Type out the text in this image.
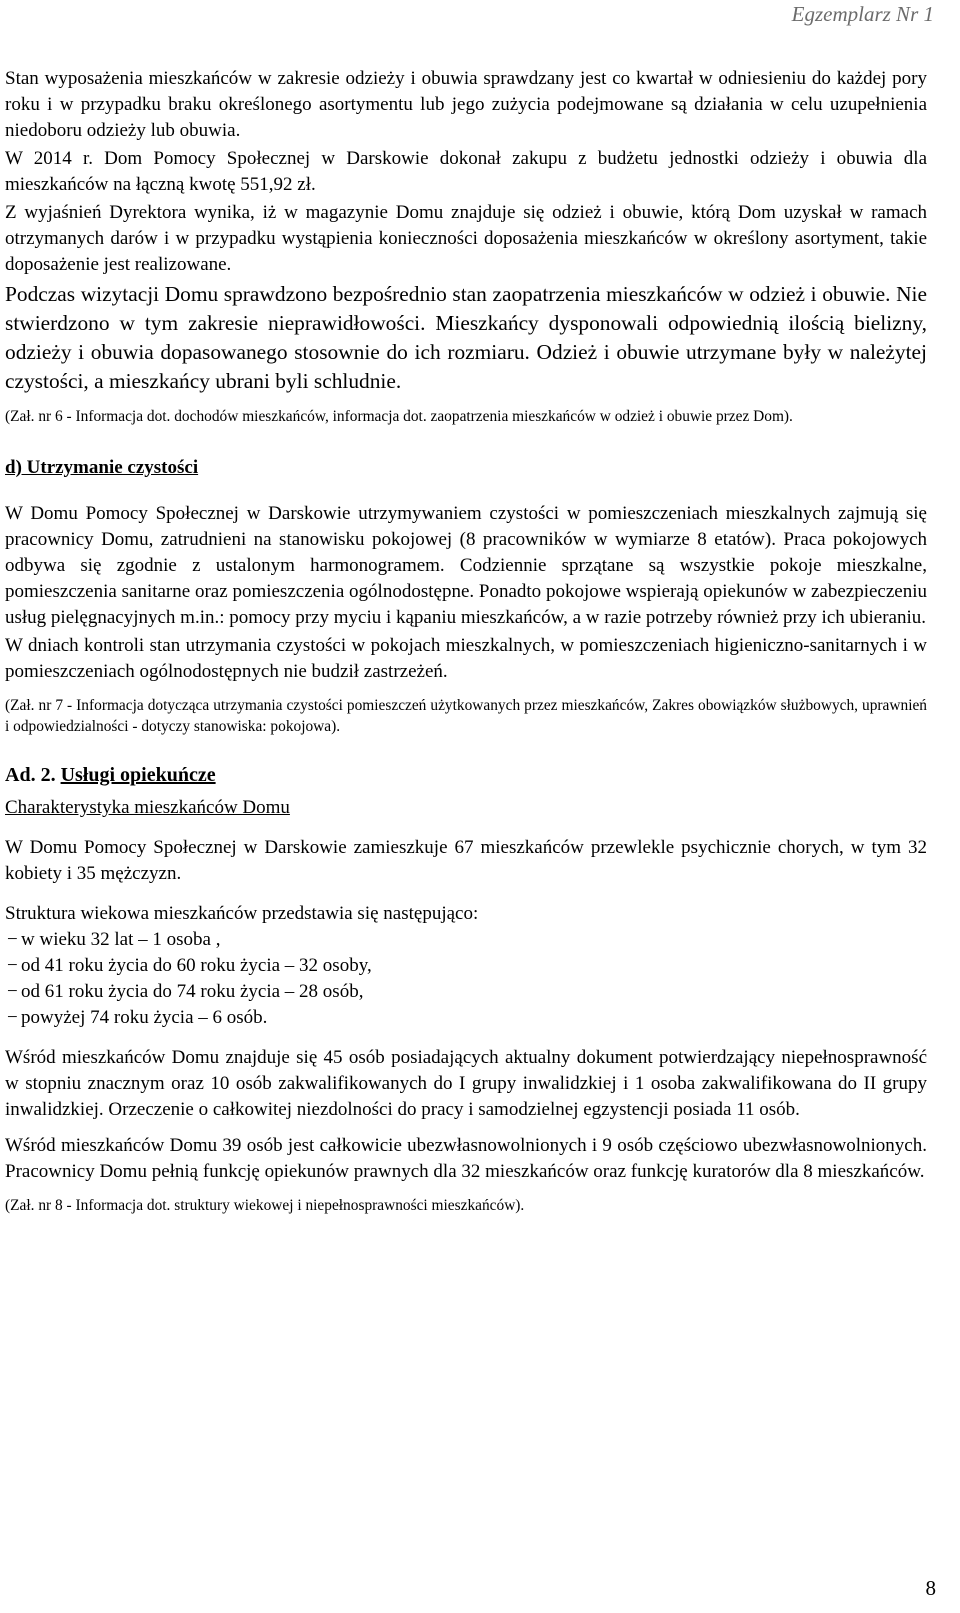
Egzemplarz Nr 1

Stan wyposażenia mieszkańców w zakresie odzieży i obuwia sprawdzany jest co kwartał w odniesieniu do każdej pory roku i w przypadku braku określonego asortymentu lub jego zużycia podejmowane są działania w celu uzupełnienia niedoboru odzieży lub obuwia.

W 2014 r. Dom Pomocy Społecznej w Darskowie dokonał zakupu z budżetu jednostki odzieży i obuwia dla mieszkańców na łączną kwotę 551,92 zł.

Z wyjaśnień Dyrektora wynika, iż w magazynie Domu znajduje się odzież i obuwie, którą Dom uzyskał w ramach otrzymanych darów i w przypadku wystąpienia konieczności doposażenia mieszkańców w określony asortyment, takie doposażenie jest realizowane.

Podczas wizytacji Domu sprawdzono bezpośrednio stan zaopatrzenia mieszkańców w odzież i obuwie. Nie stwierdzono w tym zakresie nieprawidłowości. Mieszkańcy dysponowali odpowiednią ilością bielizny, odzieży i obuwia dopasowanego stosownie do ich rozmiaru. Odzież i obuwie utrzymane były w należytej czystości, a mieszkańcy ubrani byli schludnie.

(Zał. nr 6 - Informacja dot. dochodów mieszkańców, informacja dot. zaopatrzenia mieszkańców w odzież i obuwie przez Dom).

d) Utrzymanie czystości

W Domu Pomocy Społecznej w Darskowie utrzymywaniem czystości w pomieszczeniach mieszkalnych zajmują się pracownicy Domu, zatrudnieni na stanowisku pokojowej (8 pracowników w wymiarze 8 etatów). Praca pokojowych odbywa się zgodnie z ustalonym harmonogramem. Codziennie sprzątane są wszystkie pokoje mieszkalne, pomieszczenia sanitarne oraz pomieszczenia ogólnodostępne. Ponadto pokojowe wspierają opiekunów w zabezpieczeniu usług pielęgnacyjnych m.in.: pomocy przy myciu i kąpaniu mieszkańców, a w razie potrzeby również przy ich ubieraniu.

W dniach kontroli stan utrzymania czystości w pokojach mieszkalnych, w pomieszczeniach higieniczno-sanitarnych i w pomieszczeniach ogólnodostępnych nie budził zastrzeżeń.

(Zał. nr 7 - Informacja dotycząca utrzymania czystości pomieszczeń użytkowanych przez mieszkańców, Zakres obowiązków służbowych, uprawnień i odpowiedzialności - dotyczy stanowiska: pokojowa).

Ad. 2. Usługi opiekuńcze

Charakterystyka mieszkańców Domu

W Domu Pomocy Społecznej w Darskowie zamieszkuje 67 mieszkańców przewlekle psychicznie chorych, w tym 32 kobiety i 35 mężczyzn.

Struktura wiekowa mieszkańców przedstawia się następująco:

− w wieku 32 lat – 1 osoba ,
− od 41 roku życia do 60 roku życia – 32 osoby,
− od 61 roku życia do 74 roku życia – 28 osób,
− powyżej 74 roku życia – 6 osób.

Wśród mieszkańców Domu znajduje się 45 osób posiadających aktualny dokument potwierdzający niepełnosprawność w stopniu znacznym oraz 10 osób zakwalifikowanych do I grupy inwalidzkiej i 1 osoba zakwalifikowana do II grupy inwalidzkiej. Orzeczenie o całkowitej niezdolności do pracy i samodzielnej egzystencji posiada 11 osób.

Wśród mieszkańców Domu 39 osób jest całkowicie ubezwłasnowolnionych i 9 osób częściowo ubezwłasnowolnionych. Pracownicy Domu pełnią funkcję opiekunów prawnych dla 32 mieszkańców oraz funkcję kuratorów dla 8 mieszkańców.

(Zał. nr 8 - Informacja dot. struktury wiekowej i niepełnosprawności mieszkańców).

8
